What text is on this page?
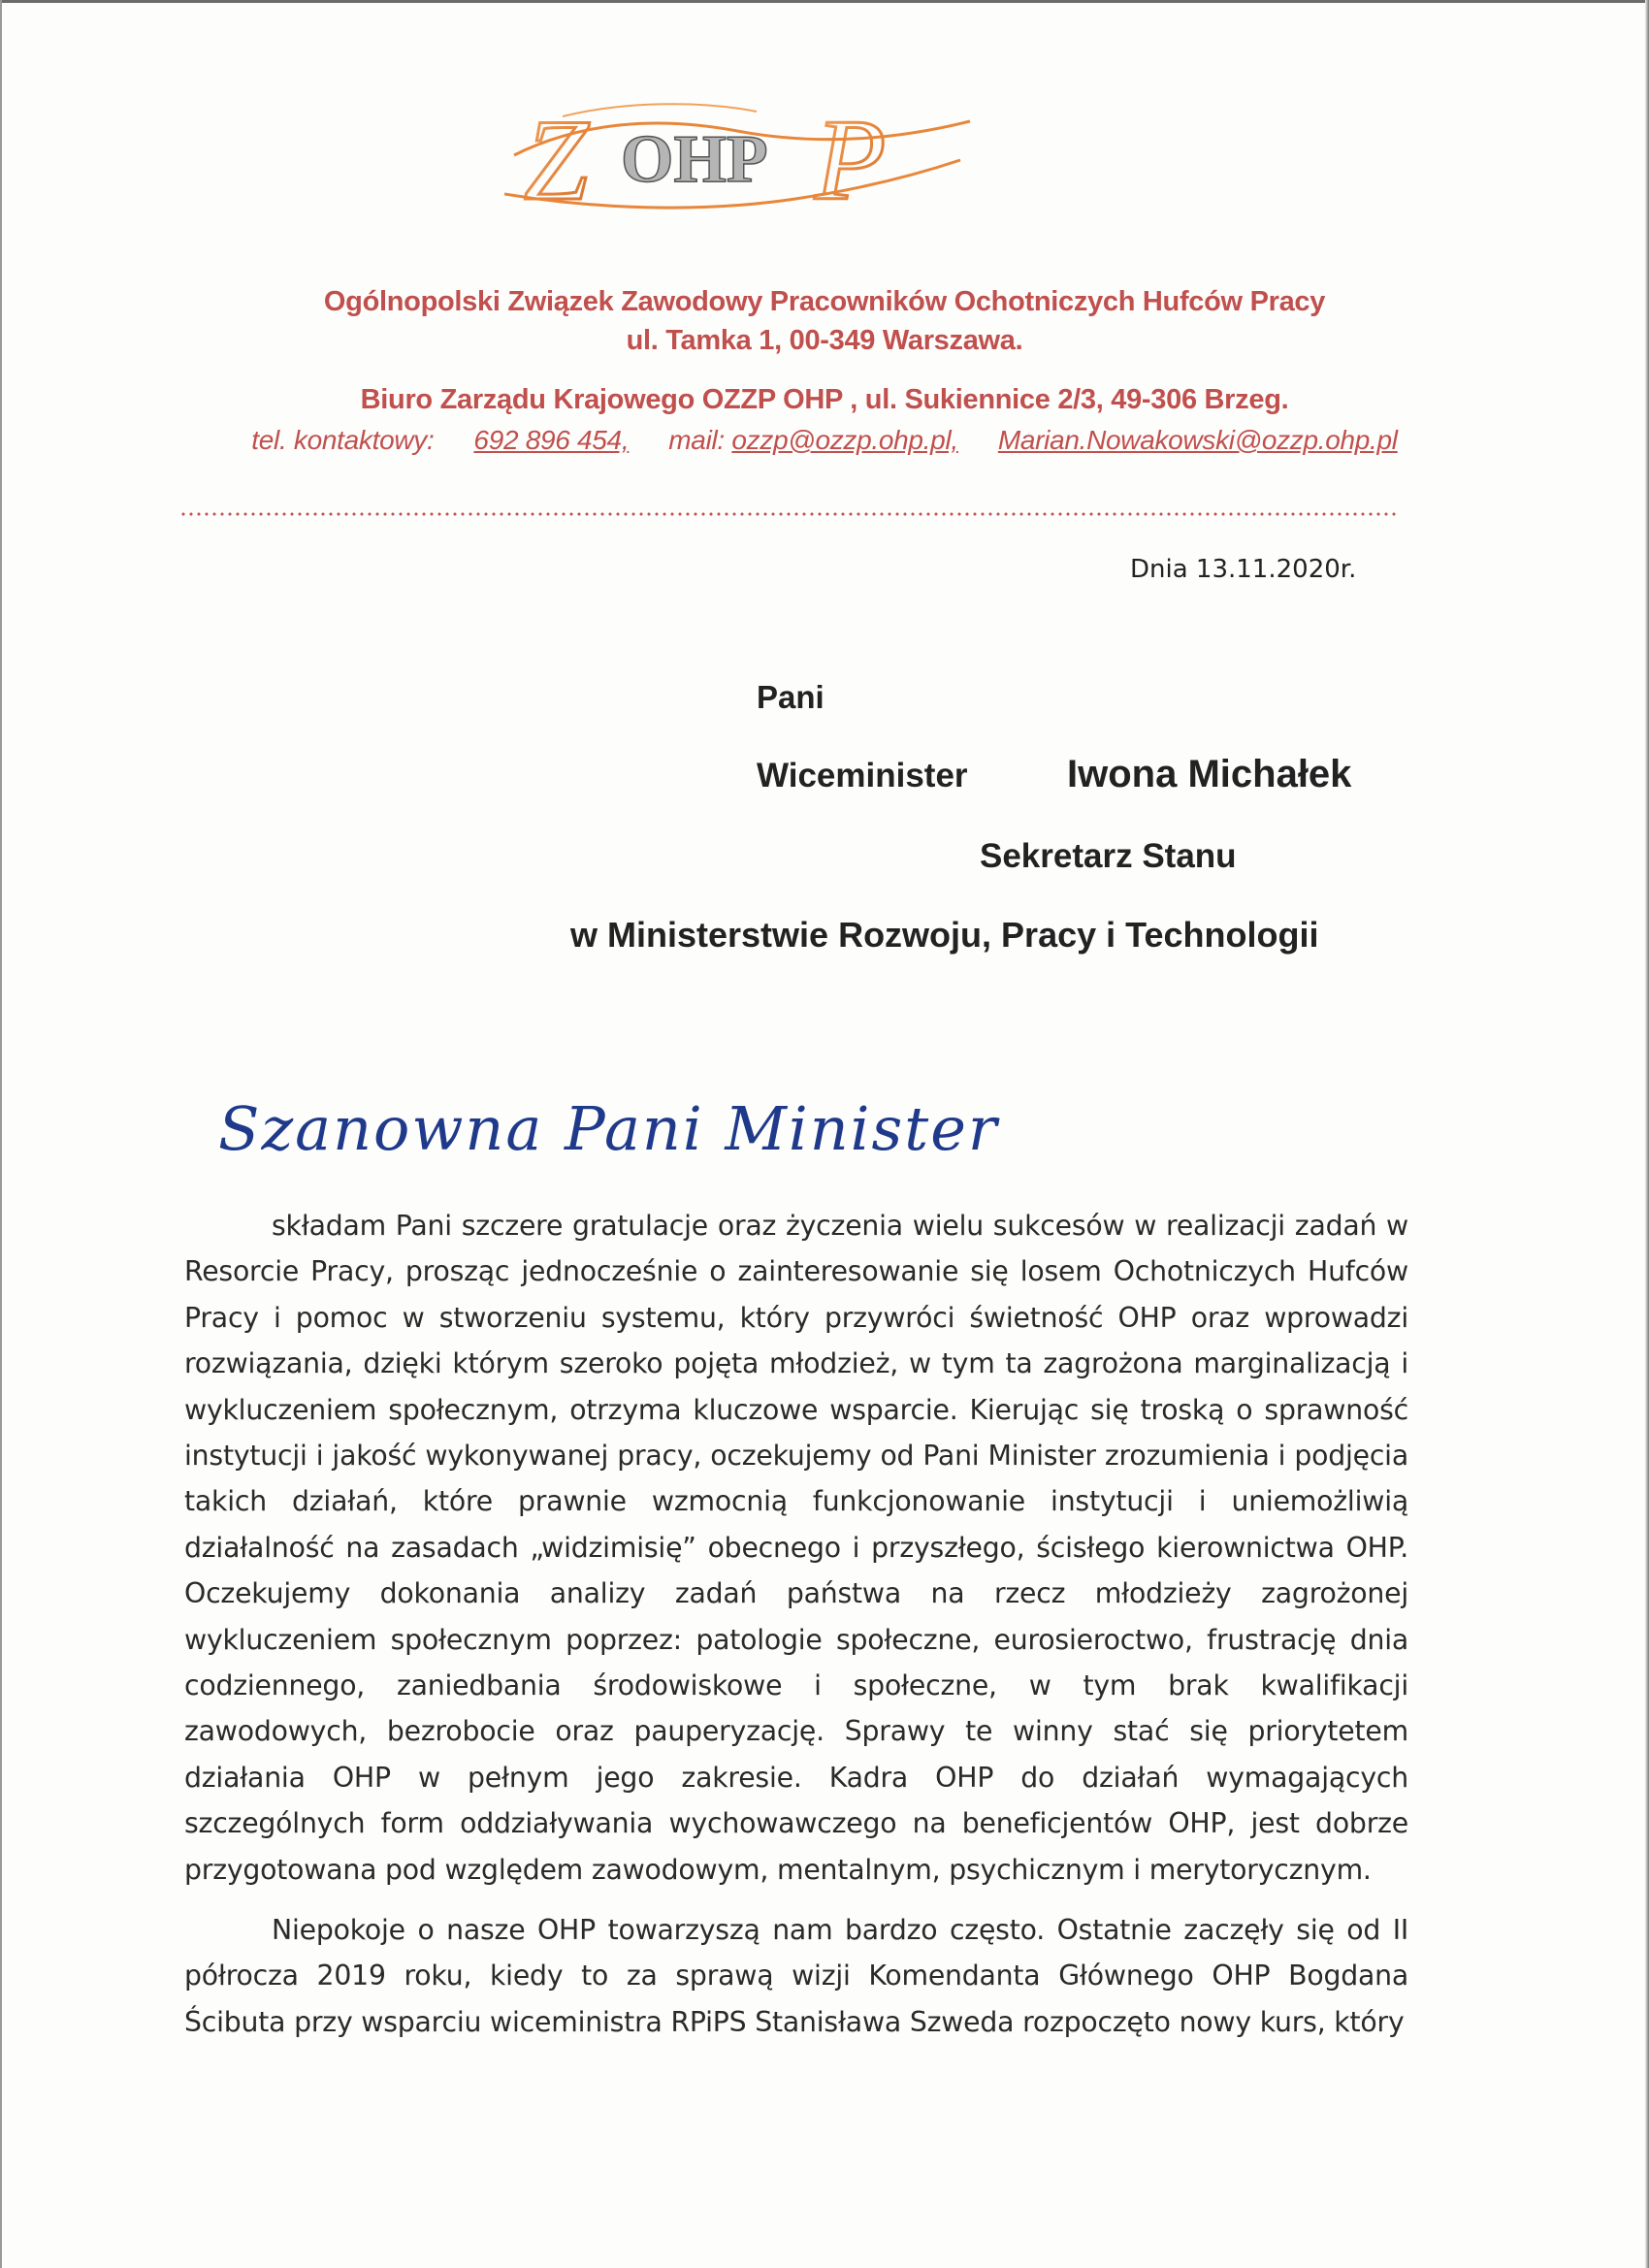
Z P
OHP
Ogólnopolski Związek Zawodowy Pracowników Ochotniczych Hufców Pracy
ul. Tamka 1, 00-349 Warszawa.
Biuro Zarządu Krajowego OZZP OHP , ul. Sukiennice 2/3, 49-306 Brzeg.
tel. kontaktowy: 692 896 454, mail: ozzp@ozzp.ohp.pl, Marian.Nowakowski@ozzp.ohp.pl
Dnia 13.11.2020r.
Pani
Wiceminister	Iwona Michałek
Sekretarz Stanu
w Ministerstwie Rozwoju, Pracy i Technologii
Szanowna Pani Minister
składam Pani szczere gratulacje oraz życzenia wielu sukcesów w realizacji zadań w Resorcie Pracy, prosząc jednocześnie o zainteresowanie się losem Ochotniczych Hufców Pracy i pomoc w stworzeniu systemu, który przywróci świetność OHP oraz wprowadzi rozwiązania, dzięki którym szeroko pojęta młodzież, w tym ta zagrożona marginalizacją i wykluczeniem społecznym, otrzyma kluczowe wsparcie. Kierując się troską o sprawność instytucji i jakość wykonywanej pracy, oczekujemy od Pani Minister zrozumienia i podjęcia takich działań, które prawnie wzmocnią funkcjonowanie instytucji i uniemożliwią działalność na zasadach „widzimisię” obecnego i przyszłego, ścisłego kierownictwa OHP. Oczekujemy dokonania analizy zadań państwa na rzecz młodzieży zagrożonej wykluczeniem społecznym poprzez: patologie społeczne, eurosieroctwo, frustrację dnia codziennego, zaniedbania środowiskowe i społeczne, w tym brak kwalifikacji zawodowych, bezrobocie oraz pauperyzację. Sprawy te winny stać się priorytetem działania OHP w pełnym jego zakresie. Kadra OHP do działań wymagających szczególnych form oddziaływania wychowawczego na beneficjentów OHP, jest dobrze przygotowana pod względem zawodowym, mentalnym, psychicznym i merytorycznym.
Niepokoje o nasze OHP towarzyszą nam bardzo często. Ostatnie zaczęły się od II półrocza 2019 roku, kiedy to za sprawą wizji Komendanta Głównego OHP Bogdana Ścibuta przy wsparciu wiceministra RPiPS Stanisława Szweda rozpoczęto nowy kurs, który
